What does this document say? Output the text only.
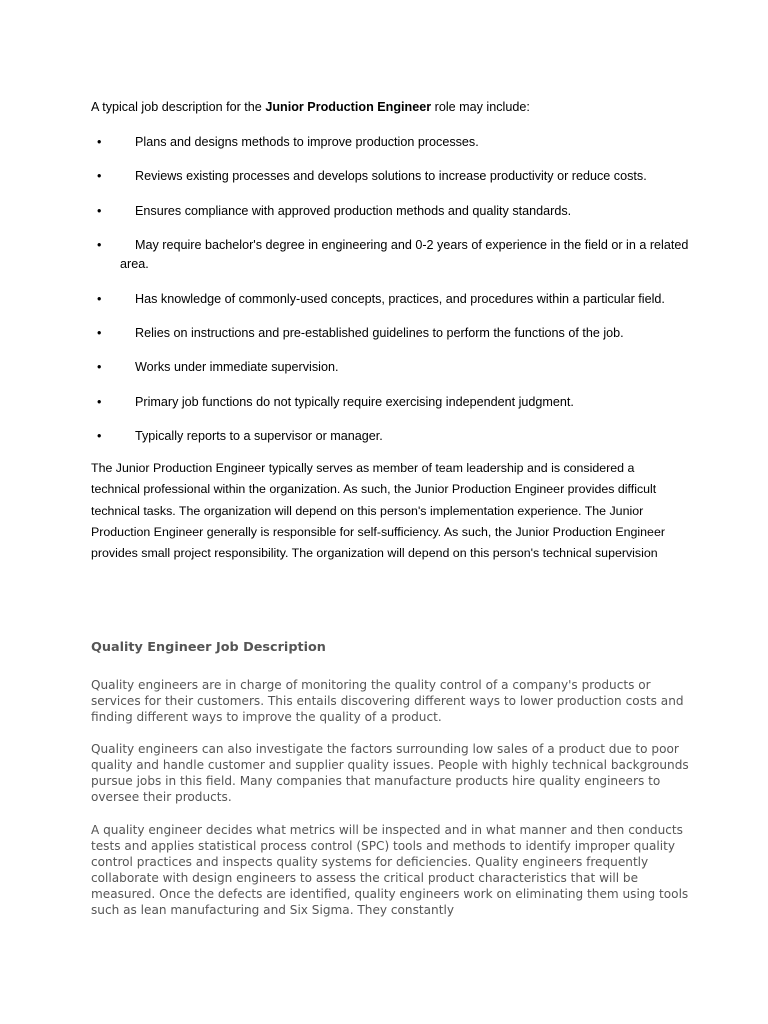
A typical job description for the Junior Production Engineer role may include:

•	Plans and designs methods to improve production processes.
•	Reviews existing processes and develops solutions to increase productivity or reduce costs.
•	Ensures compliance with approved production methods and quality standards.
•	May require bachelor's degree in engineering and 0-2 years of experience in the field or in a related area.
•	Has knowledge of commonly-used concepts, practices, and procedures within a particular field.
•	Relies on instructions and pre-established guidelines to perform the functions of the job.
•	Works under immediate supervision.
•	Primary job functions do not typically require exercising independent judgment.
•	Typically reports to a supervisor or manager.

The Junior Production Engineer typically serves as member of team leadership and is considered a technical professional within the organization. As such, the Junior Production Engineer provides difficult technical tasks. The organization will depend on this person's implementation experience. The Junior Production Engineer generally is responsible for self-sufficiency. As such, the Junior Production Engineer provides small project responsibility. The organization will depend on this person's technical supervision

Quality Engineer Job Description

Quality engineers are in charge of monitoring the quality control of a company's products or services for their customers. This entails discovering different ways to lower production costs and finding different ways to improve the quality of a product.

Quality engineers can also investigate the factors surrounding low sales of a product due to poor quality and handle customer and supplier quality issues. People with highly technical backgrounds pursue jobs in this field. Many companies that manufacture products hire quality engineers to oversee their products.

A quality engineer decides what metrics will be inspected and in what manner and then conducts tests and applies statistical process control (SPC) tools and methods to identify improper quality control practices and inspects quality systems for deficiencies. Quality engineers frequently collaborate with design engineers to assess the critical product characteristics that will be measured. Once the defects are identified, quality engineers work on eliminating them using tools such as lean manufacturing and Six Sigma. They constantly
